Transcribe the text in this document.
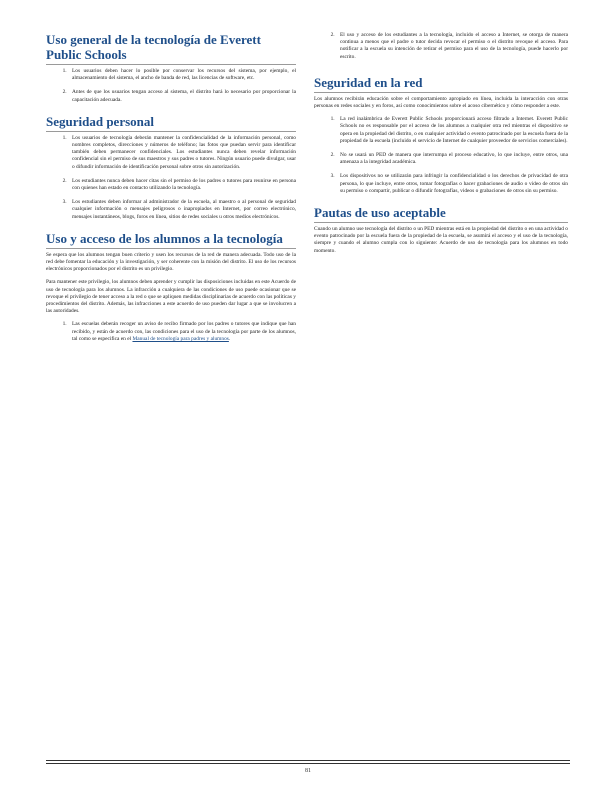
Uso general de la tecnología de Everett Public Schools
1. Los usuarios deben hacer lo posible por conservar los recursos del sistema, por ejemplo, el almacenamiento del sistema, el ancho de banda de red, las licencias de software, etc.
2. Antes de que los usuarios tengan acceso al sistema, el distrito hará lo necesario por proporcionar la capacitación adecuada.
Seguridad personal
1. Los usuarios de tecnología deberán mantener la confidencialidad de la información personal, como nombres completos, direcciones y números de teléfono; las fotos que puedan servir para identificar también deben permanecer confidenciales. Los estudiantes nunca deben revelar información confidencial sin el permiso de sus maestros y sus padres o tutores. Ningún usuario puede divulgar, usar o difundir información de identificación personal sobre otros sin autorización.
2. Los estudiantes nunca deben hacer citas sin el permiso de los padres o tutores para reunirse en persona con quienes han estado en contacto utilizando la tecnología.
3. Los estudiantes deben informar al administrador de la escuela, al maestro o al personal de seguridad cualquier información o mensajes peligrosos o inapropiados en Internet, por correo electrónico, mensajes instantáneos, blogs, foros en línea, sitios de redes sociales u otros medios electrónicos.
Uso y acceso de los alumnos a la tecnología

Se espera que los alumnos tengan buen criterio y usen los recursos de la red de manera adecuada. Todo uso de la red debe fomentar la educación y la investigación, y ser coherente con la misión del distrito. El uso de los recursos electrónicos proporcionados por el distrito es un privilegio.

Para mantener este privilegio, los alumnos deben aprender y cumplir las disposiciones incluidas en este Acuerdo de uso de tecnología para los alumnos. La infracción a cualquiera de las condiciones de uso puede ocasionar que se revoque el privilegio de tener acceso a la red o que se apliquen medidas disciplinarias de acuerdo con las políticas y procedimientos del distrito. Además, las infracciones a este acuerdo de uso pueden dar lugar a que se involucren a las autoridades.

1. Las escuelas deberán recoger un aviso de recibo firmado por los padres o tutores que indique que han recibido, y están de acuerdo con, las condiciones para el uso de la tecnología por parte de los alumnos, tal como se especifica en el Manual de tecnología para padres y alumnos.
2. El uso y acceso de los estudiantes a la tecnología, incluido el acceso a Internet, se otorga de manera continua a menos que el padre o tutor decida revocar el permiso o el distrito revoque el acceso. Para notificar a la escuela su intención de retirar el permiso para el uso de la tecnología, puede hacerlo por escrito.
Seguridad en la red

Los alumnos recibirán educación sobre el comportamiento apropiado en línea, incluida la interacción con otras personas en redes sociales y en foros, así como conocimientos sobre el acoso cibernético y cómo responder a este.

1. La red inalámbrica de Everett Public Schools proporcionará acceso filtrado a Internet. Everett Public Schools no es responsable por el acceso de los alumnos a cualquier otra red mientras el dispositivo se opera en la propiedad del distrito, o en cualquier actividad o evento patrocinado por la escuela fuera de la propiedad de la escuela (incluido el servicio de Internet de cualquier proveedor de servicios comerciales).
2. No se usará un PED de manera que interrumpa el proceso educativo, lo que incluye, entre otros, una amenaza a la integridad académica.
3. Los dispositivos no se utilizarán para infringir la confidencialidad o los derechos de privacidad de otra persona, lo que incluye, entre otros, tomar fotografías o hacer grabaciones de audio o video de otros sin su permiso o compartir, publicar o difundir fotografías, videos o grabaciones de otros sin su permiso.
Pautas de uso aceptable

Cuando un alumno use tecnología del distrito o un PED mientras está en la propiedad del distrito o en una actividad o evento patrocinado por la escuela fuera de la propiedad de la escuela, se asumirá el acceso y el uso de la tecnología, siempre y cuando el alumno cumpla con lo siguiente: Acuerdo de uso de tecnología para los alumnos en todo momento.

81
